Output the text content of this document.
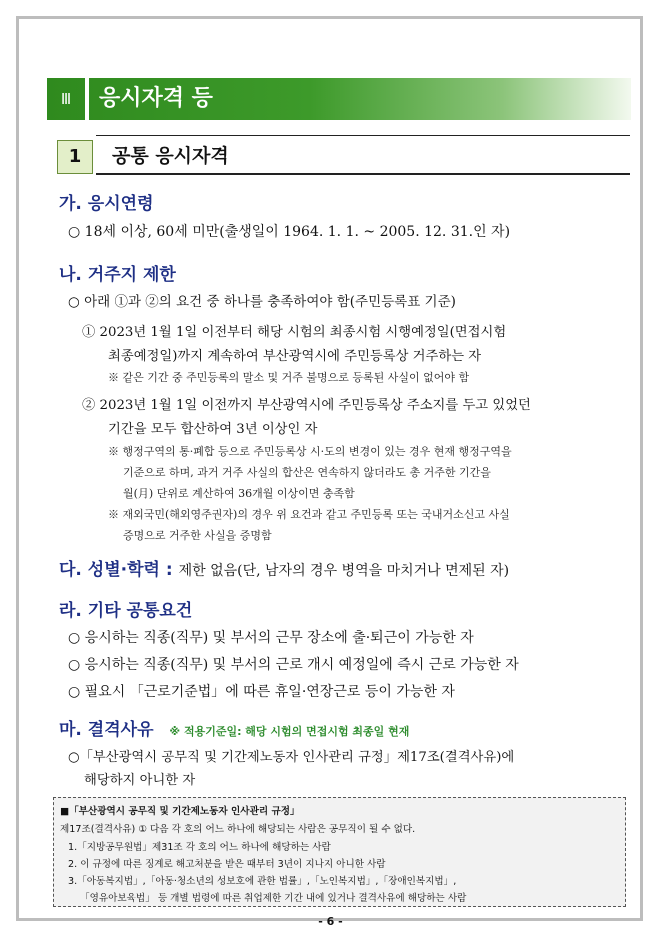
Ⅲ	응시자격 등
1	공통 응시자격
가. 응시연령
○ 18세 이상, 60세 미만(출생일이 1964. 1. 1. ~ 2005. 12. 31.인 자)
나. 거주지 제한
○ 아래 ①과 ②의 요건 중 하나를 충족하여야 함(주민등록표 기준)
① 2023년 1월 1일 이전부터 해당 시험의 최종시험 시행예정일(면접시험
최종예정일)까지 계속하여 부산광역시에 주민등록상 거주하는 자
※ 같은 기간 중 주민등록의 말소 및 거주 불명으로 등록된 사실이 없어야 함
② 2023년 1월 1일 이전까지 부산광역시에 주민등록상 주소지를 두고 있었던
기간을 모두 합산하여 3년 이상인 자
※ 행정구역의 통·폐합 등으로 주민등록상 시·도의 변경이 있는 경우 현재 행정구역을
기준으로 하며, 과거 거주 사실의 합산은 연속하지 않더라도 총 거주한 기간을
월(月) 단위로 계산하여 36개월 이상이면 충족함
※ 재외국민(해외영주권자)의 경우 위 요건과 같고 주민등록 또는 국내거소신고 사실
증명으로 거주한 사실을 증명함
다. 성별·학력 : 제한 없음(단, 남자의 경우 병역을 마치거나 면제된 자)
라. 기타 공통요건
○ 응시하는 직종(직무) 및 부서의 근무 장소에 출·퇴근이 가능한 자
○ 응시하는 직종(직무) 및 부서의 근로 개시 예정일에 즉시 근로 가능한 자
○ 필요시 「근로기준법」에 따른 휴일·연장근로 등이 가능한 자
마. 결격사유 ※ 적용기준일: 해당 시험의 면접시험 최종일 현재
○「부산광역시 공무직 및 기간제노동자 인사관리 규정」제17조(결격사유)에
해당하지 아니한 자
■「부산광역시 공무직 및 기간제노동자 인사관리 규정」
제17조(결격사유) ① 다음 각 호의 어느 하나에 해당되는 사람은 공무직이 될 수 없다.
1.「지방공무원법」제31조 각 호의 어느 하나에 해당하는 사람
2. 이 규정에 따른 징계로 해고처분을 받은 때부터 3년이 지나지 아니한 사람
3.「아동복지법」,「아동·청소년의 성보호에 관한 법률」,「노인복지법」,「장애인복지법」,
「영유아보육법」 등 개별 법령에 따른 취업제한 기간 내에 있거나 결격사유에 해당하는 사람
- 6 -
